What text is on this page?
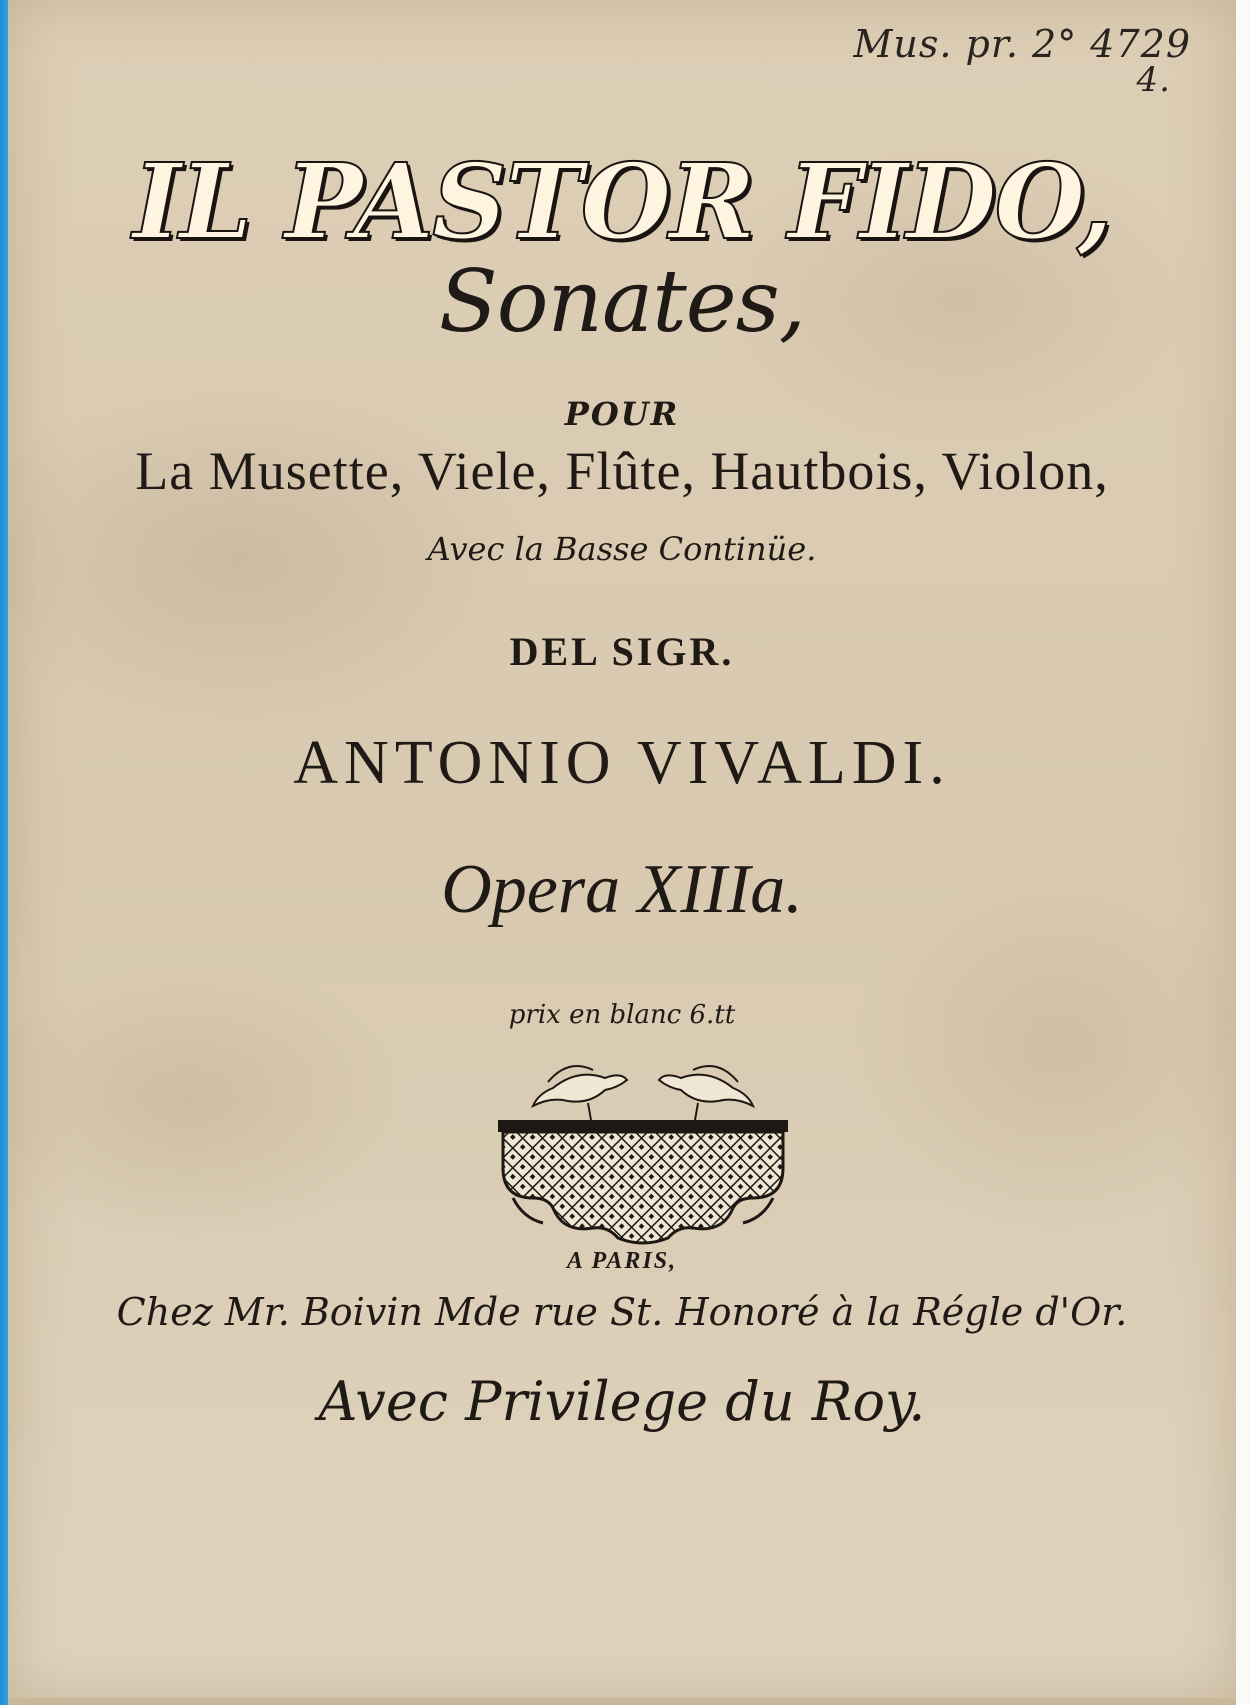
Mus. pr. 2° 4729
4.
IL PASTOR FIDO,
Sonates,
POUR
La Musette, Viele, Flûte, Hautbois, Violon,
Avec la Basse Continüe.
DEL SIGR.
ANTONIO VIVALDI.
Opera XIIIa.
prix en blanc 6.tt
A PARIS,
Chez Mr. Boivin Mde rue St. Honoré à la Régle d'Or.
Avec Privilege du Roy.
